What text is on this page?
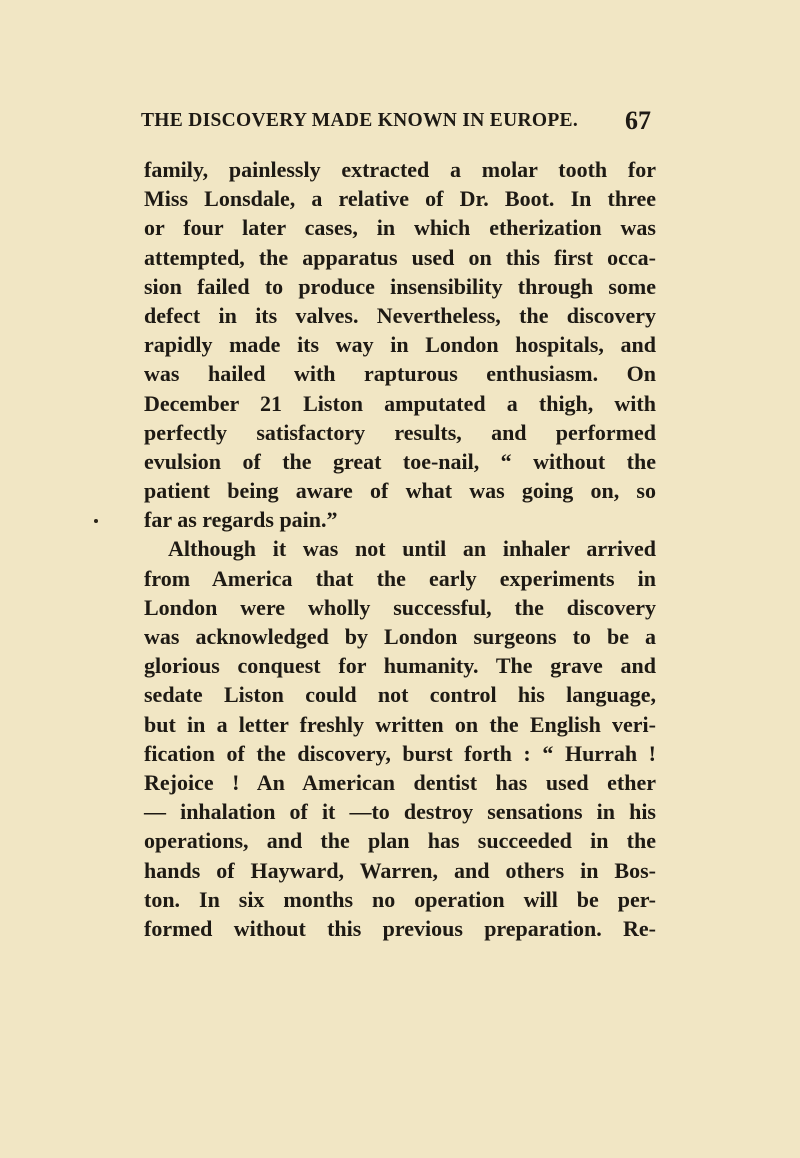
THE DISCOVERY MADE KNOWN IN EUROPE. 67
family, painlessly extracted a molar tooth for
Miss Lonsdale, a relative of Dr. Boot. In three
or four later cases, in which etherization was
attempted, the apparatus used on this first occa-
sion failed to produce insensibility through some
defect in its valves. Nevertheless, the discovery
rapidly made its way in London hospitals, and
was hailed with rapturous enthusiasm. On
December 21 Liston amputated a thigh, with
perfectly satisfactory results, and performed
evulsion of the great toe-nail, “ without the
patient being aware of what was going on, so
far as regards pain.”
Although it was not until an inhaler arrived
from America that the early experiments in
London were wholly successful, the discovery
was acknowledged by London surgeons to be a
glorious conquest for humanity. The grave and
sedate Liston could not control his language,
but in a letter freshly written on the English veri-
fication of the discovery, burst forth : “ Hurrah !
Rejoice ! An American dentist has used ether
— inhalation of it —to destroy sensations in his
operations, and the plan has succeeded in the
hands of Hayward, Warren, and others in Bos-
ton. In six months no operation will be per-
formed without this previous preparation. Re-
